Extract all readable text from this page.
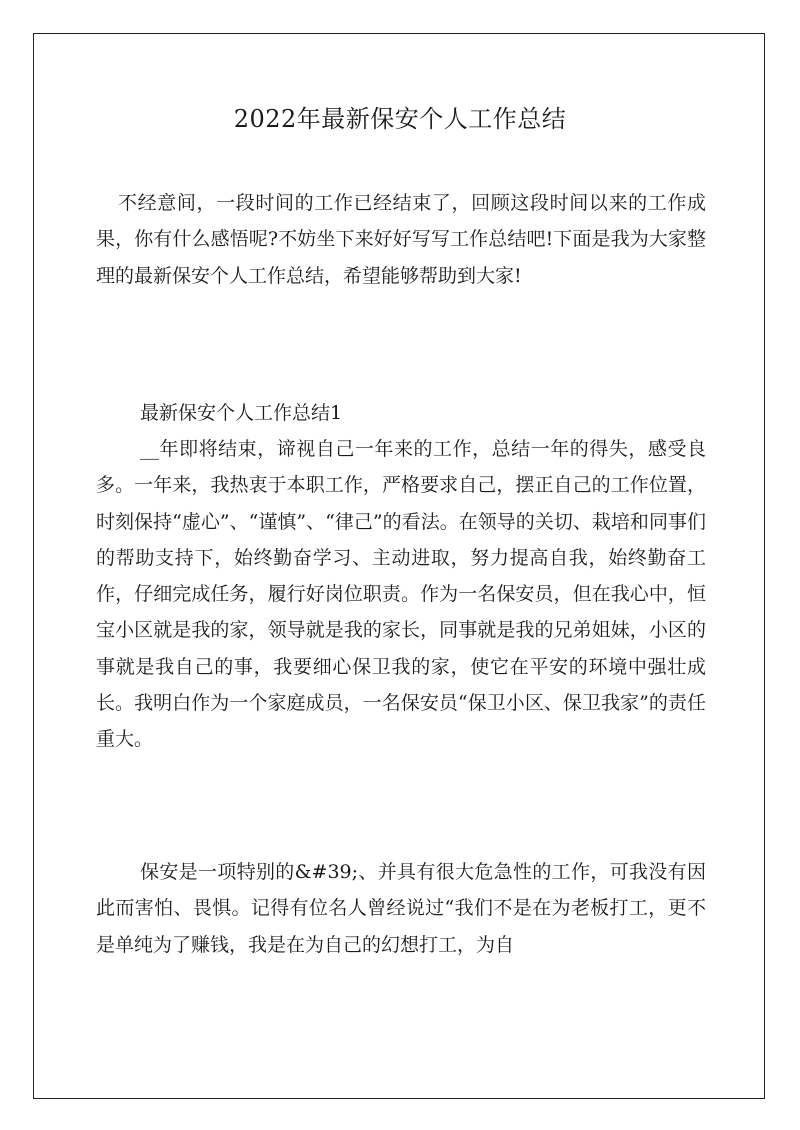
2022年最新保安个人工作总结

不经意间，一段时间的工作已经结束了，回顾这段时间以来的工作成果，你有什么感悟呢?不妨坐下来好好写写工作总结吧!下面是我为大家整理的最新保安个人工作总结，希望能够帮助到大家!

最新保安个人工作总结1

__年即将结束，谛视自己一年来的工作，总结一年的得失，感受良多。一年来，我热衷于本职工作，严格要求自己，摆正自己的工作位置，时刻保持“虚心”、“谨慎”、“律己”的看法。在领导的关切、栽培和同事们的帮助支持下，始终勤奋学习、主动进取，努力提高自我，始终勤奋工作，仔细完成任务，履行好岗位职责。作为一名保安员，但在我心中，恒宝小区就是我的家，领导就是我的家长，同事就是我的兄弟姐妹，小区的事就是我自己的事，我要细心保卫我的家，使它在平安的环境中强壮成长。我明白作为一个家庭成员，一名保安员“保卫小区、保卫我家”的责任重大。

保安是一项特别的&#39;、并具有很大危急性的工作，可我没有因此而害怕、畏惧。记得有位名人曾经说过“我们不是在为老板打工，更不是单纯为了赚钱，我是在为自己的幻想打工，为自
